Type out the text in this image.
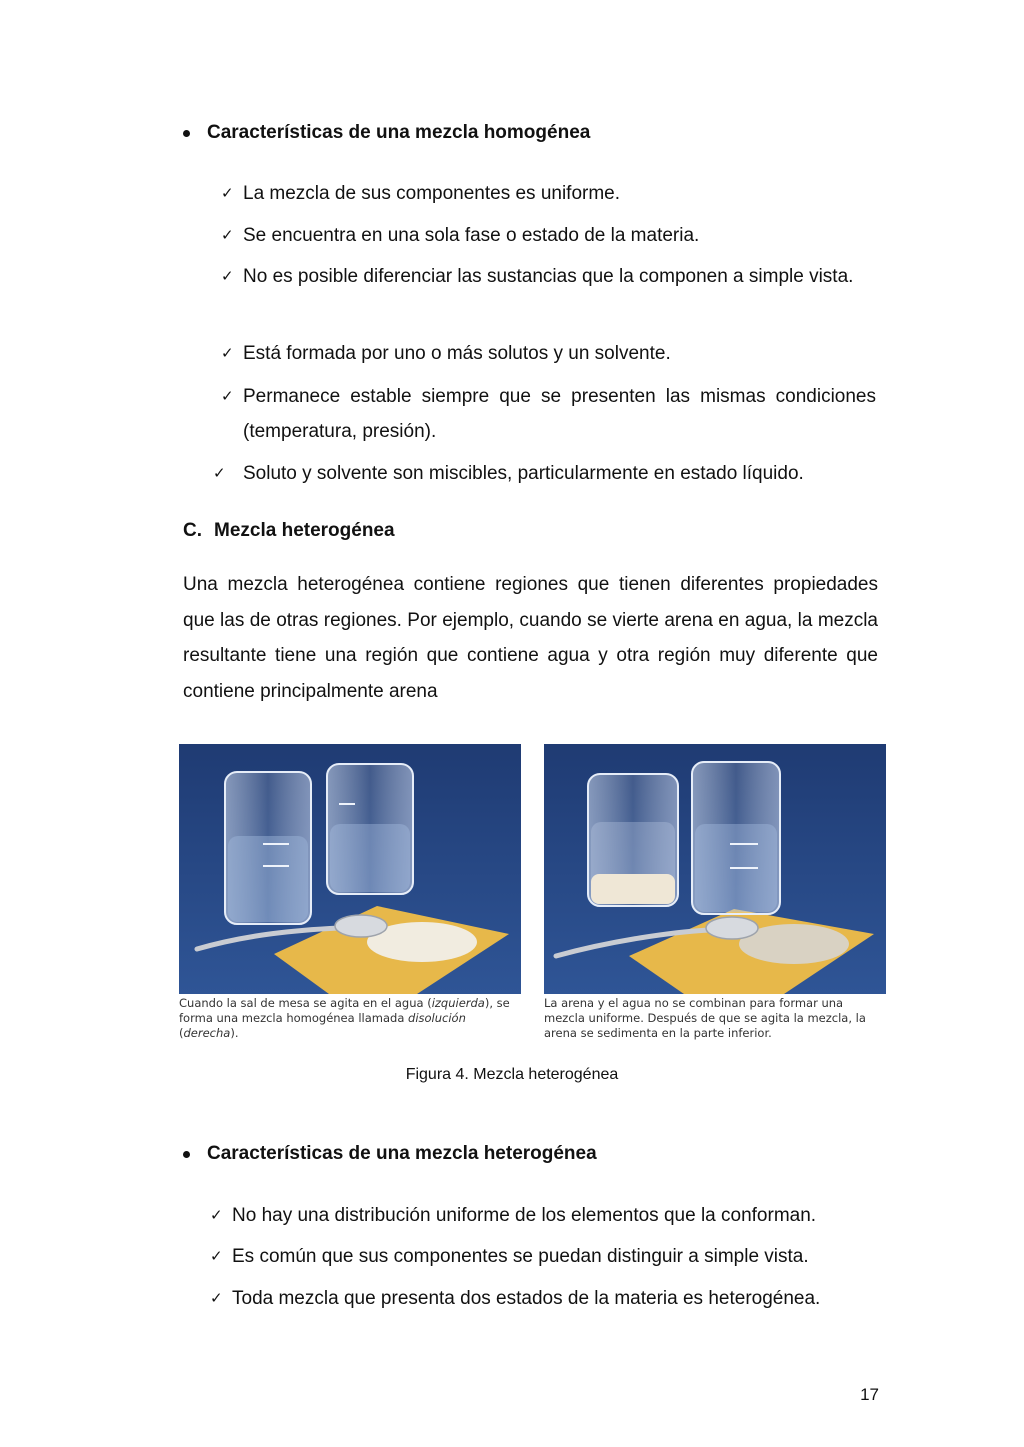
Características de una mezcla homogénea
✓ La mezcla de sus componentes es uniforme.
✓ Se encuentra en una sola fase o estado de la materia.
✓ No es posible diferenciar las sustancias que la componen a simple vista.
✓ Está formada por uno o más solutos y un solvente.
✓ Permanece estable siempre que se presenten las mismas condiciones (temperatura, presión).
✓ Soluto y solvente son miscibles, particularmente en estado líquido.
C. Mezcla heterogénea

Una mezcla heterogénea contiene regiones que tienen diferentes propiedades que las de otras regiones. Por ejemplo, cuando se vierte arena en agua, la mezcla resultante tiene una región que contiene agua y otra región muy diferente que contiene principalmente arena

Cuando la sal de mesa se agita en el agua (izquierda), se forma una mezcla homogénea llamada disolución (derecha).
La arena y el agua no se combinan para formar una mezcla uniforme. Después de que se agita la mezcla, la arena se sedimenta en la parte inferior.
Figura 4. Mezcla heterogénea
Características de una mezcla heterogénea
✓ No hay una distribución uniforme de los elementos que la conforman.
✓ Es común que sus componentes se puedan distinguir a simple vista.
✓ Toda mezcla que presenta dos estados de la materia es heterogénea.
17
